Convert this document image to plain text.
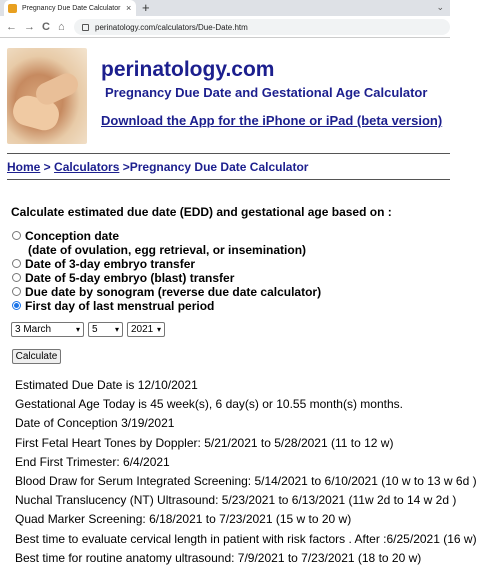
Pregnancy Due Date Calculator × +	⌄
← → C ⌂	perinatology.com/calculators/Due-Date.htm
perinatology.com
Pregnancy Due Date and Gestational Age Calculator
Download the App for the iPhone or iPad (beta version)
Home > Calculators >Pregnancy Due Date Calculator
Calculate estimated due date (EDD) and gestational age based on :
Conception date
(date of ovulation, egg retrieval, or insemination)
Date of 3-day embryo transfer
Date of 5-day embryo (blast) transfer
Due date by sonogram (reverse due date calculator)
First day of last menstrual period
3 March	▾ 5 ▾ 2021 ▾
Calculate
Estimated Due Date is 12/10/2021
Gestational Age Today is 45 week(s), 6 day(s) or 10.55 month(s) months.
Date of Conception 3/19/2021
First Fetal Heart Tones by Doppler: 5/21/2021 to 5/28/2021 (11 to 12 w)
End First Trimester: 6/4/2021
Blood Draw for Serum Integrated Screening: 5/14/2021 to 6/10/2021 (10 w to 13 w 6d )
Nuchal Translucency (NT) Ultrasound: 5/23/2021 to 6/13/2021 (11w 2d to 14 w 2d )
Quad Marker Screening: 6/18/2021 to 7/23/2021 (15 w to 20 w)
Best time to evaluate cervical length in patient with risk factors . After :6/25/2021 (16 w)
Best time for routine anatomy ultrasound: 7/9/2021 to 7/23/2021 (18 to 20 w)
